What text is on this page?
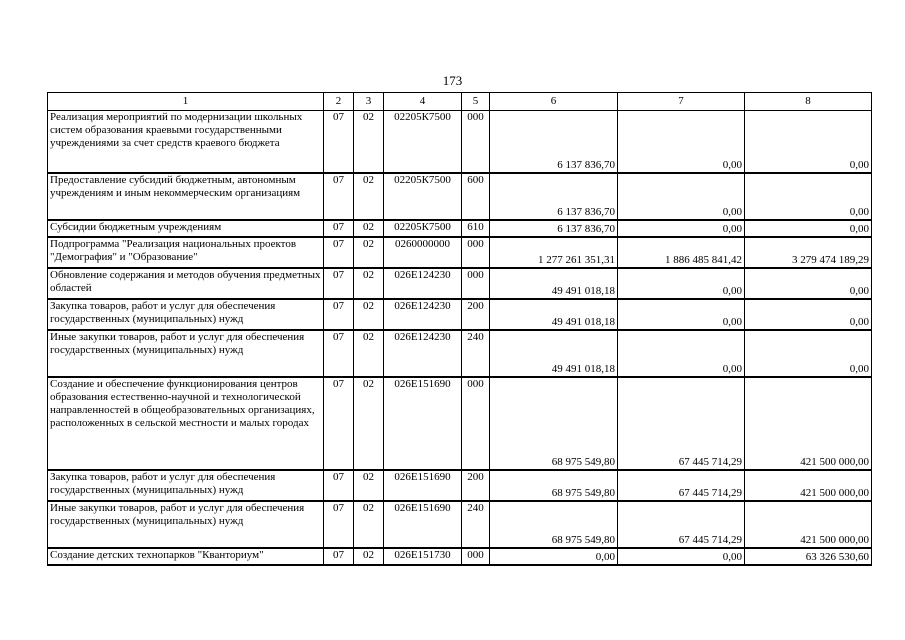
173
1	2	3	4	5	6	7	8
Реализация мероприятий по модернизации школьных систем образования краевыми государственными учреждениями за счет средств краевого бюджета	07	02	02205К7500	000	6 137 836,70	0,00	0,00
Предоставление субсидий бюджетным, автономным учреждениям и иным некоммерческим организациям	07	02	02205К7500	600	6 137 836,70	0,00	0,00
Субсидии бюджетным учреждениям	07	02	02205К7500	610	6 137 836,70	0,00	0,00
Подпрограмма "Реализация национальных проектов "Демография" и "Образование"	07	02	0260000000	000	1 277 261 351,31	1 886 485 841,42	3 279 474 189,29
Обновление содержания и методов обучения предметных областей	07	02	026E124230	000	49 491 018,18	0,00	0,00
Закупка товаров, работ и услуг для обеспечения государственных (муниципальных) нужд	07	02	026E124230	200	49 491 018,18	0,00	0,00
Иные закупки товаров, работ и услуг для обеспечения государственных (муниципальных) нужд	07	02	026E124230	240	49 491 018,18	0,00	0,00
Создание и обеспечение функционирования центров образования естественно-научной и технологической направленностей в общеобразовательных организациях, расположенных в сельской местности и малых городах	07	02	026E151690	000	68 975 549,80	67 445 714,29	421 500 000,00
Закупка товаров, работ и услуг для обеспечения государственных (муниципальных) нужд	07	02	026E151690	200	68 975 549,80	67 445 714,29	421 500 000,00
Иные закупки товаров, работ и услуг для обеспечения государственных (муниципальных) нужд	07	02	026E151690	240	68 975 549,80	67 445 714,29	421 500 000,00
Создание детских технопарков "Кванториум"	07	02	026E151730	000	0,00	0,00	63 326 530,60
